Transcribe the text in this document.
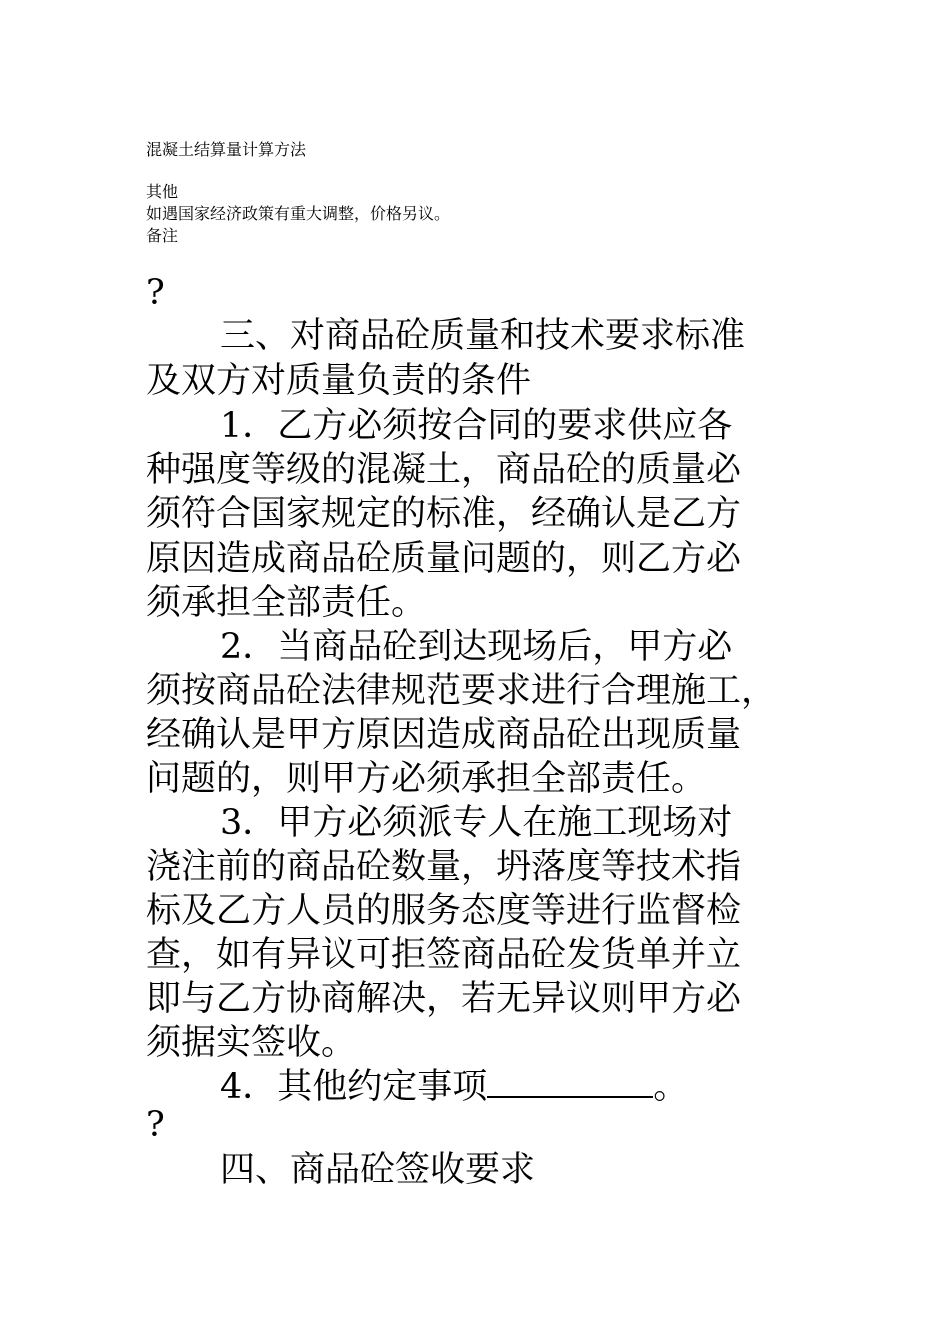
混凝土结算量计算方法
其他
如遇国家经济政策有重大调整，价格另议。
备注
?
三、对商品砼质量和技术要求标准
及双方对质量负责的条件
1．乙方必须按合同的要求供应各
种强度等级的混凝土，商品砼的质量必
须符合国家规定的标准，经确认是乙方
原因造成商品砼质量问题的，则乙方必
须承担全部责任。
2．当商品砼到达现场后，甲方必
须按商品砼法律规范要求进行合理施工，
经确认是甲方原因造成商品砼出现质量
问题的，则甲方必须承担全部责任。
3．甲方必须派专人在施工现场对
浇注前的商品砼数量，坍落度等技术指
标及乙方人员的服务态度等进行监督检
查，如有异议可拒签商品砼发货单并立
即与乙方协商解决，若无异议则甲方必
须据实签收。
4．其他约定事项	。
?
四、商品砼签收要求
